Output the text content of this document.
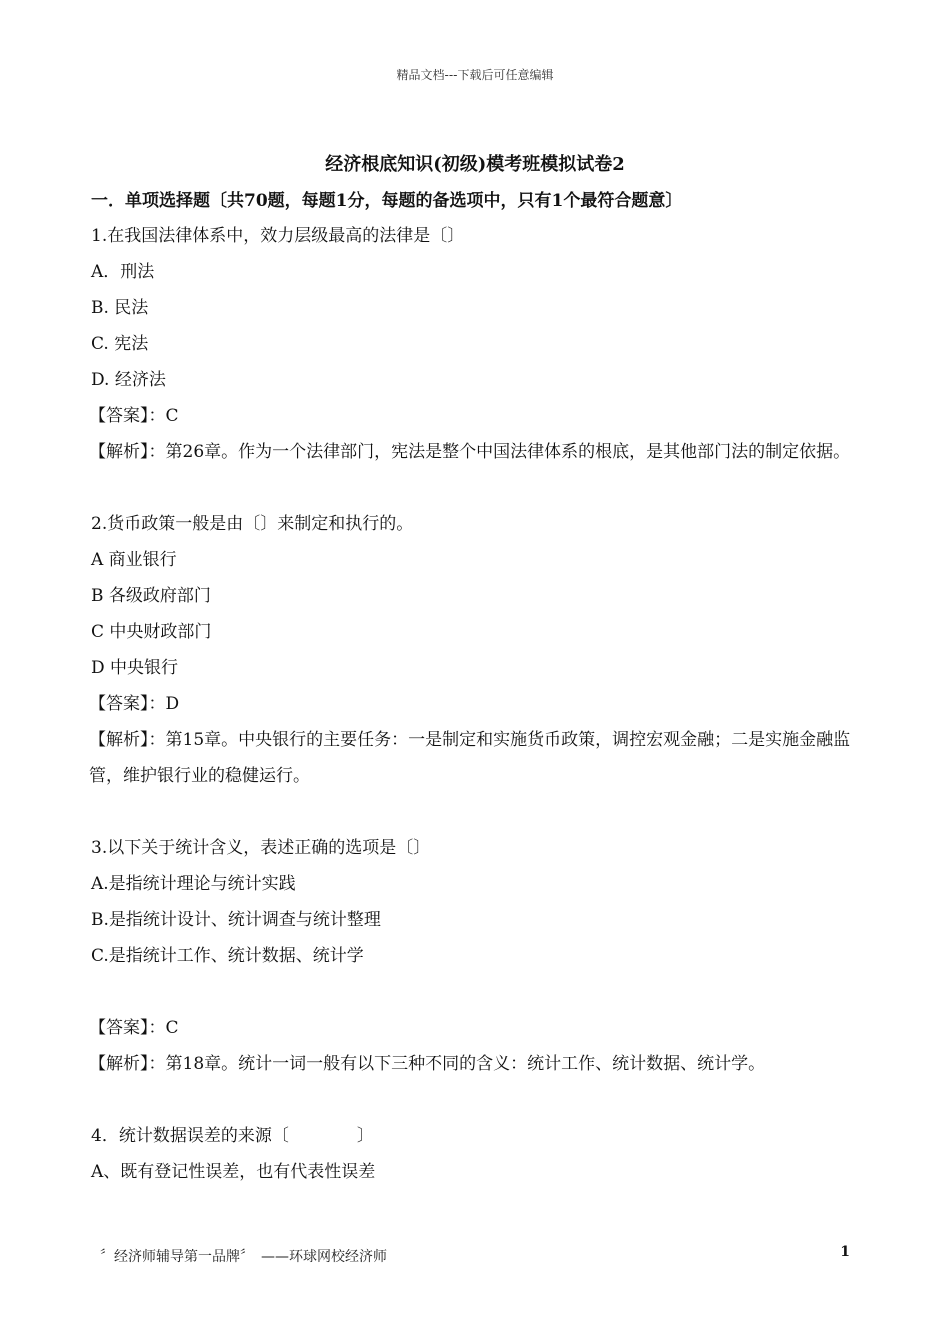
精品文档---下载后可任意编辑
经济根底知识(初级)模考班模拟试卷2
一．单项选择题〔共70题，每题1分，每题的备选项中，只有1个最符合题意〕
1.在我国法律体系中，效力层级最高的法律是〔〕
A．刑法
B. 民法
C. 宪法
D. 经济法
【答案】：C
【解析】：第26章。作为一个法律部门，宪法是整个中国法律体系的根底，是其他部门法的制定依据。
2.货币政策一般是由〔〕来制定和执行的。
A 商业银行
B 各级政府部门
C 中央财政部门
D 中央银行
【答案】：D
【解析】：第15章。中央银行的主要任务：一是制定和实施货币政策，调控宏观金融；二是实施金融监管，维护银行业的稳健运行。
3.以下关于统计含义，表述正确的选项是〔〕
A.是指统计理论与统计实践
B.是指统计设计、统计调查与统计整理
C.是指统计工作、统计数据、统计学
【答案】：C
【解析】：第18章。统计一词一般有以下三种不同的含义：统计工作、统计数据、统计学。
4．统计数据误差的来源〔　　　　〕
A、既有登记性误差，也有代表性误差
〞经济师辅导第一品牌〞　——环球网校经济师	1
